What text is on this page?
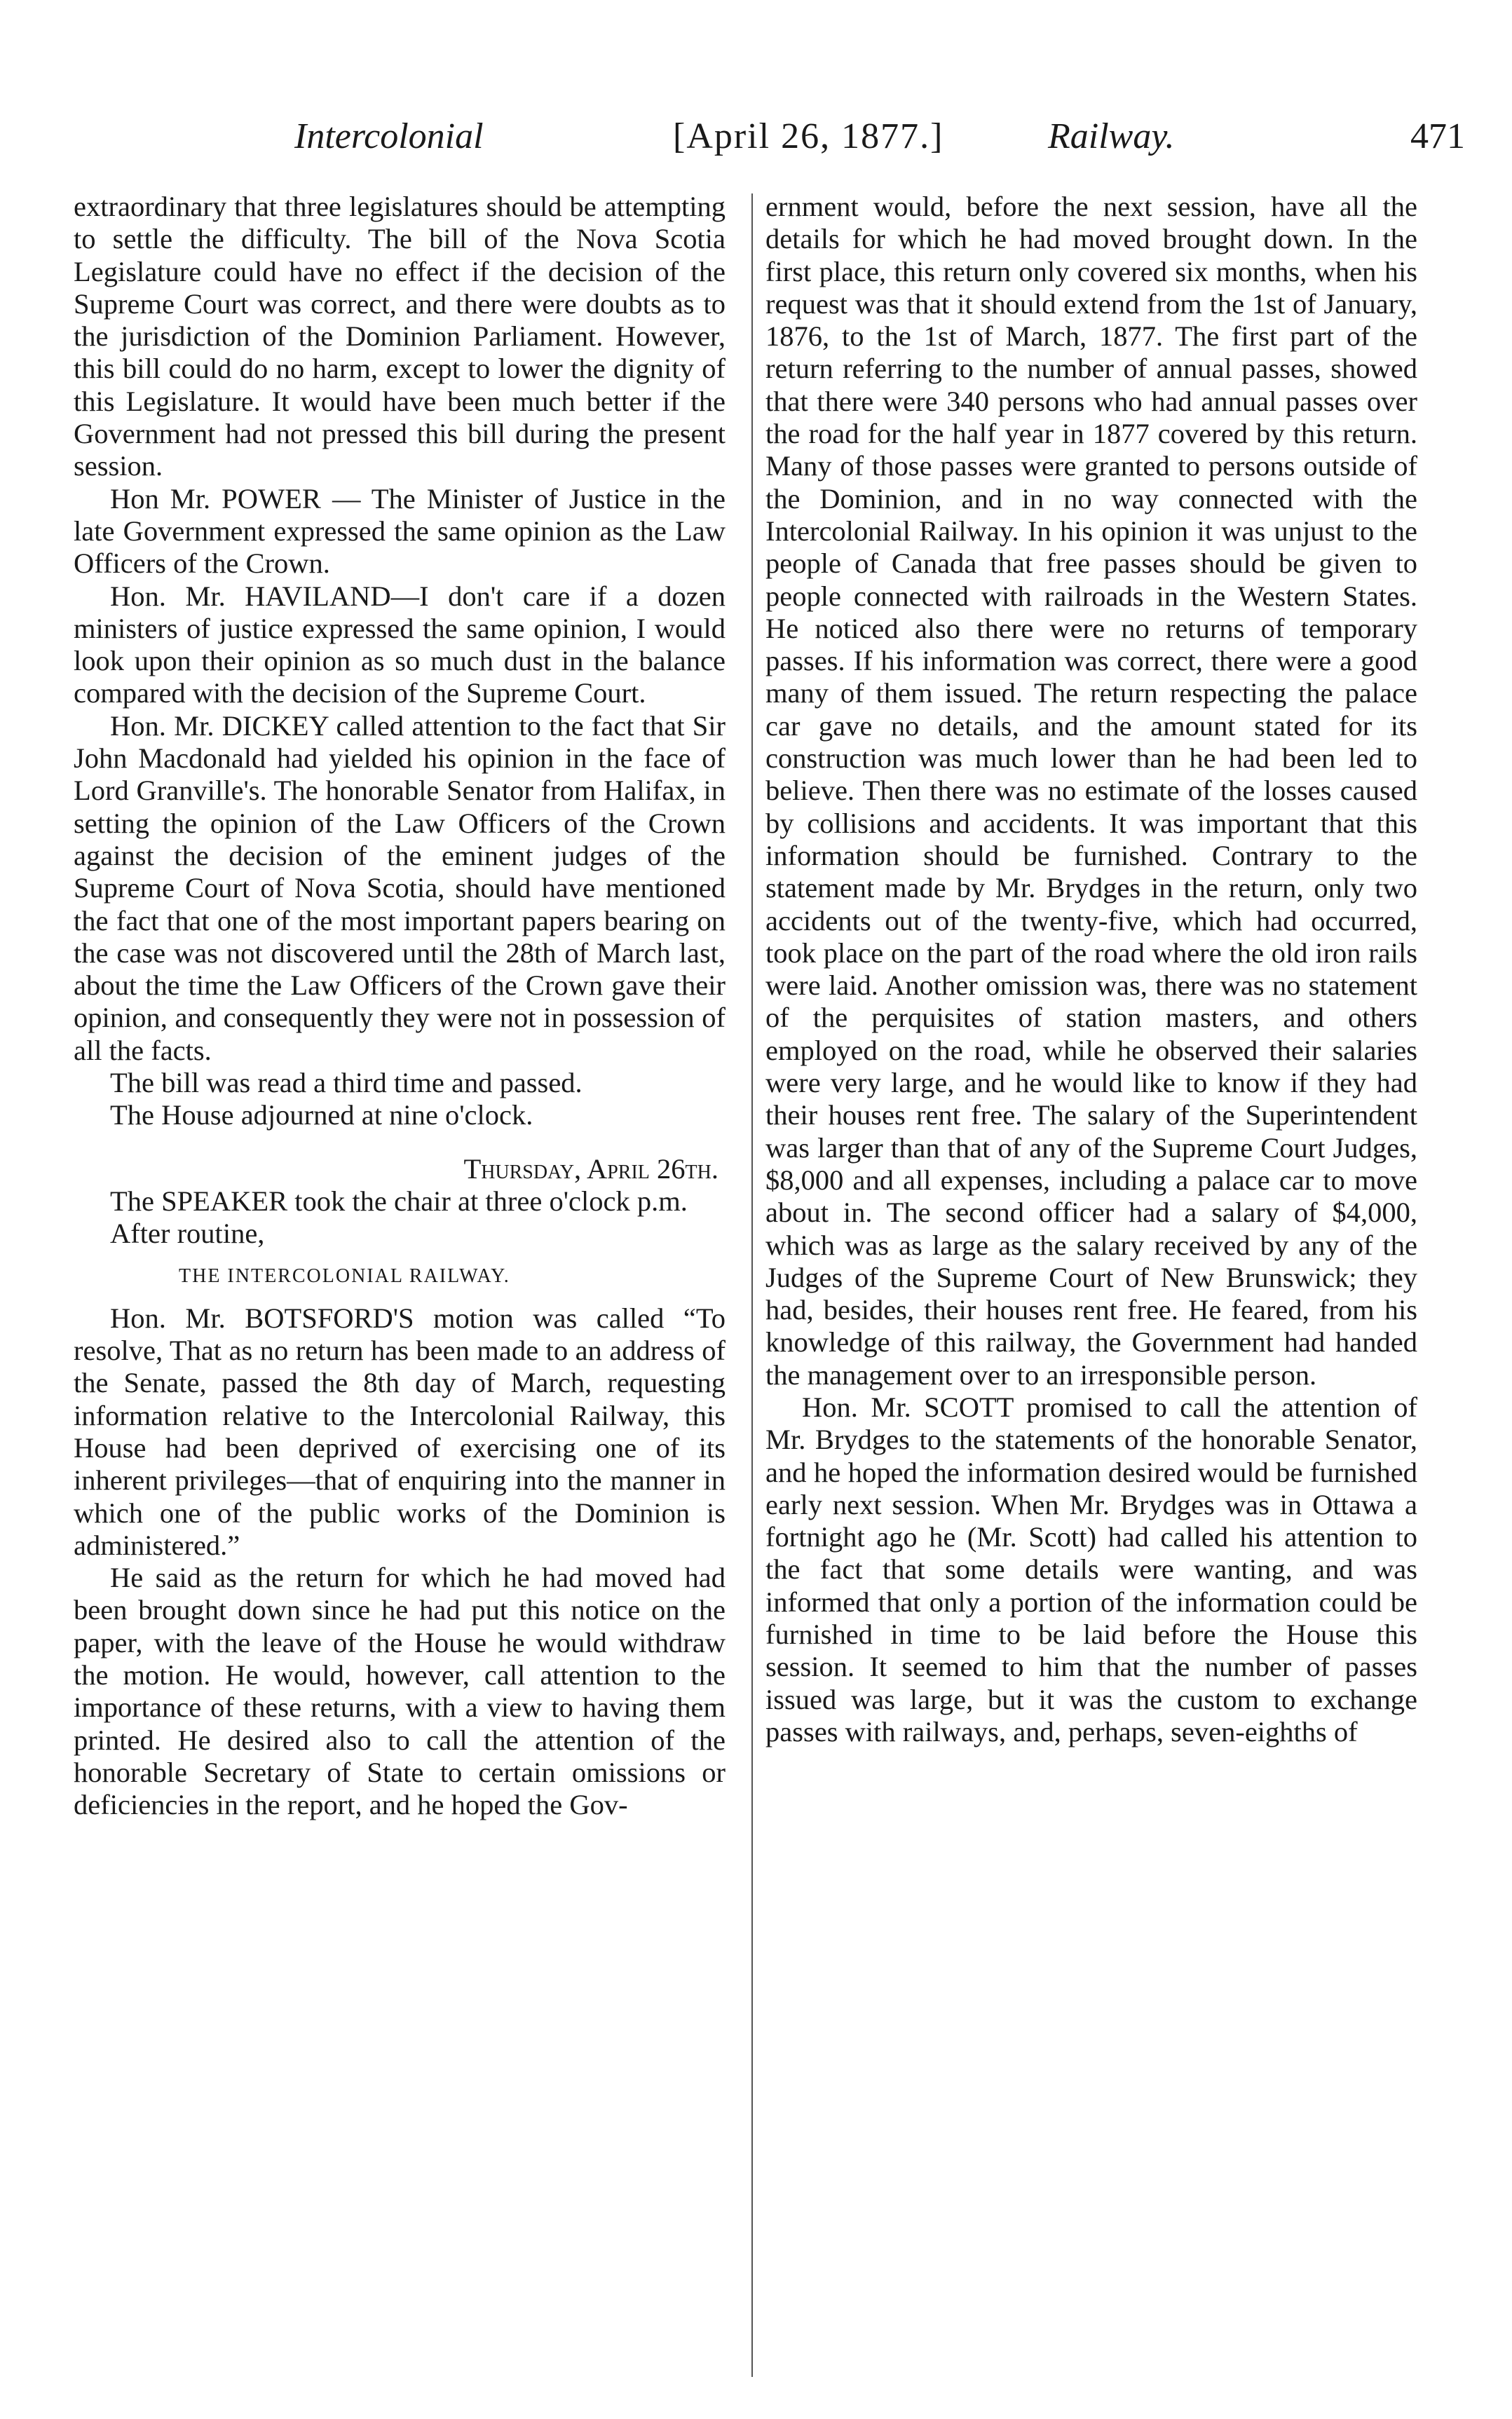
Intercolonial	[April 26, 1877.]	Railway.	471

extraordinary that three legislatures should be attempting to settle the difficulty. The bill of the Nova Scotia Legislature could have no effect if the decision of the Supreme Court was correct, and there were doubts as to the jurisdiction of the Dominion Parliament. However, this bill could do no harm, except to lower the dignity of this Legislature. It would have been much better if the Government had not pressed this bill during the present session.

Hon Mr. POWER — The Minister of Justice in the late Government expressed the same opinion as the Law Officers of the Crown.

Hon. Mr. HAVILAND—I don't care if a dozen ministers of justice expressed the same opinion, I would look upon their opinion as so much dust in the balance compared with the decision of the Supreme Court.

Hon. Mr. DICKEY called attention to the fact that Sir John Macdonald had yielded his opinion in the face of Lord Granville's. The honorable Senator from Halifax, in setting the opinion of the Law Officers of the Crown against the decision of the eminent judges of the Supreme Court of Nova Scotia, should have mentioned the fact that one of the most important papers bearing on the case was not discovered until the 28th of March last, about the time the Law Officers of the Crown gave their opinion, and consequently they were not in possession of all the facts.

The bill was read a third time and passed.

The House adjourned at nine o'clock.

Thursday, April 26th.

The SPEAKER took the chair at three o'clock p.m.

After routine,

THE INTERCOLONIAL RAILWAY.

Hon. Mr. BOTSFORD'S motion was called “To resolve, That as no return has been made to an address of the Senate, passed the 8th day of March, requesting information relative to the Intercolonial Railway, this House had been deprived of exercising one of its inherent privileges—that of enquiring into the manner in which one of the public works of the Dominion is administered.”

He said as the return for which he had moved had been brought down since he had put this notice on the paper, with the leave of the House he would withdraw the motion. He would, however, call attention to the importance of these returns, with a view to having them printed. He desired also to call the attention of the honorable Secretary of State to certain omissions or deficiencies in the report, and he hoped the Gov-

ernment would, before the next session, have all the details for which he had moved brought down. In the first place, this return only covered six months, when his request was that it should extend from the 1st of January, 1876, to the 1st of March, 1877. The first part of the return referring to the number of annual passes, showed that there were 340 persons who had annual passes over the road for the half year in 1877 covered by this return. Many of those passes were granted to persons outside of the Dominion, and in no way connected with the Intercolonial Railway. In his opinion it was unjust to the people of Canada that free passes should be given to people connected with railroads in the Western States. He noticed also there were no returns of temporary passes. If his information was correct, there were a good many of them issued. The return respecting the palace car gave no details, and the amount stated for its construction was much lower than he had been led to believe. Then there was no estimate of the losses caused by collisions and accidents. It was important that this information should be furnished. Contrary to the statement made by Mr. Brydges in the return, only two accidents out of the twenty-five, which had occurred, took place on the part of the road where the old iron rails were laid. Another omission was, there was no statement of the perquisites of station masters, and others employed on the road, while he observed their salaries were very large, and he would like to know if they had their houses rent free. The salary of the Superintendent was larger than that of any of the Supreme Court Judges, $8,000 and all expenses, including a palace car to move about in. The second officer had a salary of $4,000, which was as large as the salary received by any of the Judges of the Supreme Court of New Brunswick; they had, besides, their houses rent free. He feared, from his knowledge of this railway, the Government had handed the management over to an irresponsible person.

Hon. Mr. SCOTT promised to call the attention of Mr. Brydges to the statements of the honorable Senator, and he hoped the information desired would be furnished early next session. When Mr. Brydges was in Ottawa a fortnight ago he (Mr. Scott) had called his attention to the fact that some details were wanting, and was informed that only a portion of the information could be furnished in time to be laid before the House this session. It seemed to him that the number of passes issued was large, but it was the custom to exchange passes with railways, and, perhaps, seven-eighths of
